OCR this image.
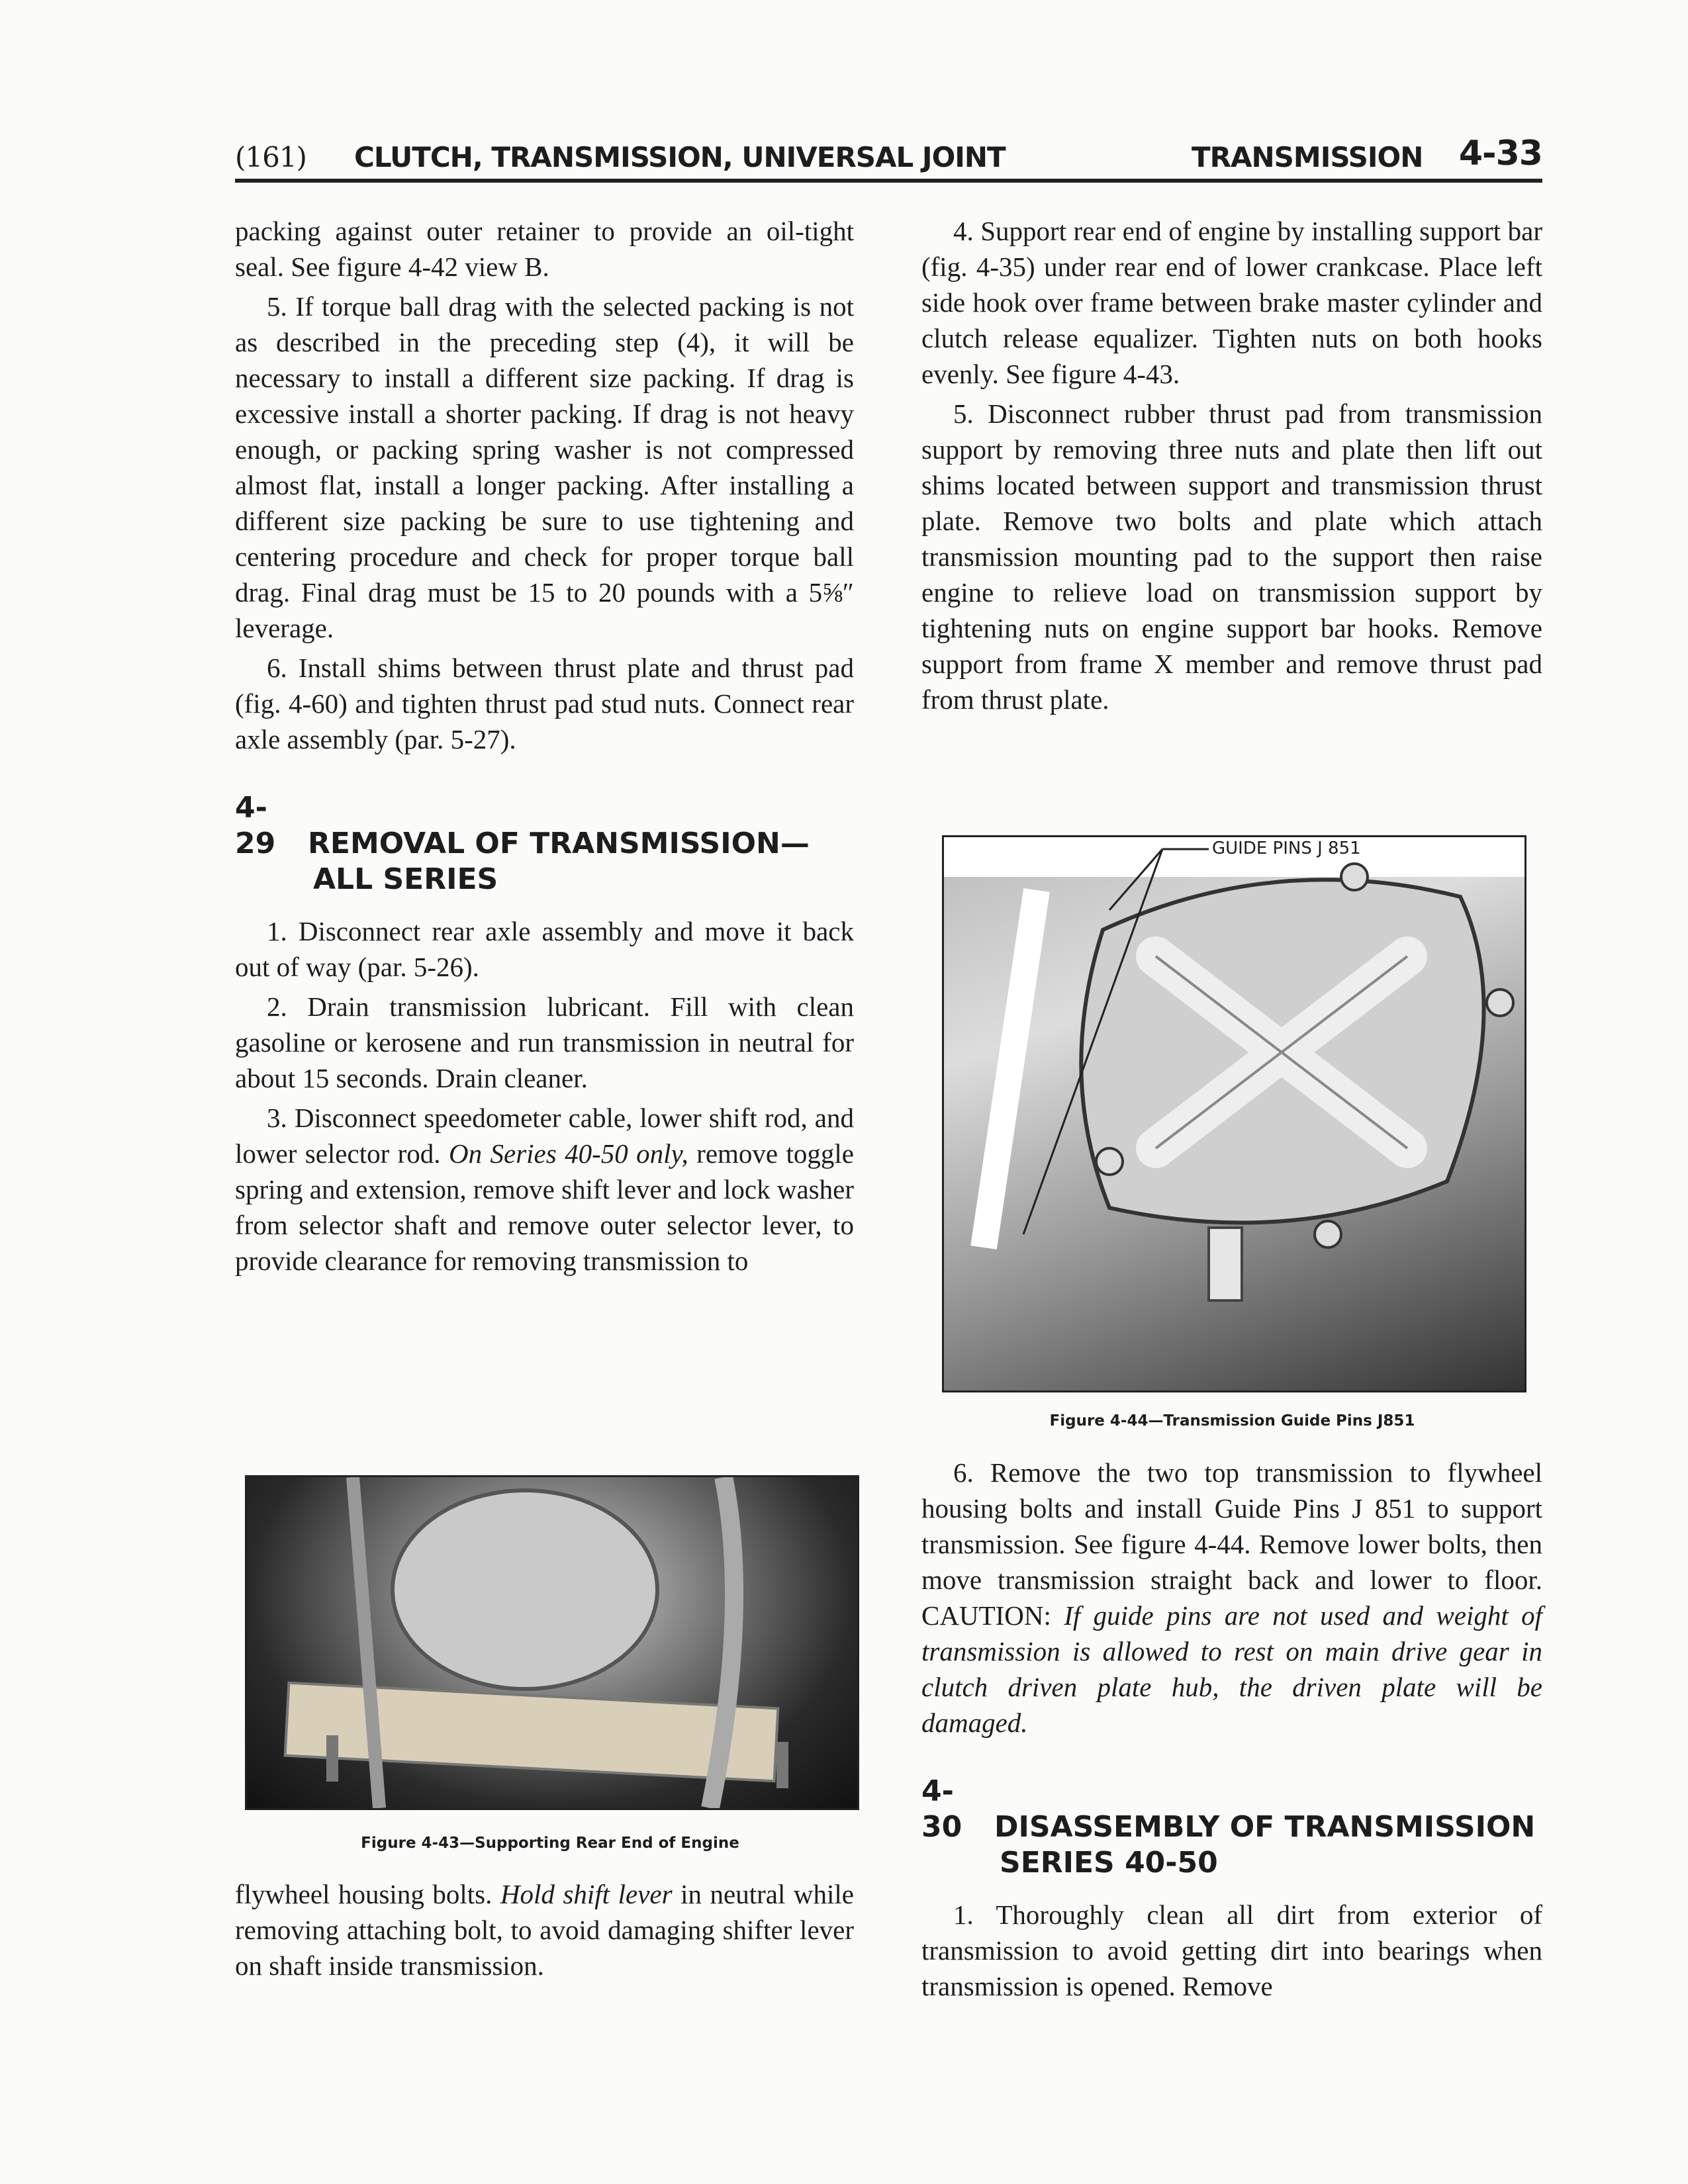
(161) CLUTCH, TRANSMISSION, UNIVERSAL JOINT	TRANSMISSION 4-33

packing against outer retainer to provide an oil-tight seal. See figure 4-42 view B.

5. If torque ball drag with the selected packing is not as described in the preceding step (4), it will be necessary to install a different size packing. If drag is excessive install a shorter packing. If drag is not heavy enough, or packing spring washer is not compressed almost flat, install a longer packing. After installing a different size packing be sure to use tightening and centering procedure and check for proper torque ball drag. Final drag must be 15 to 20 pounds with a 5⅝″ leverage.

6. Install shims between thrust plate and thrust pad (fig. 4-60) and tighten thrust pad stud nuts. Connect rear axle assembly (par. 5-27).

4-29 REMOVAL OF TRANSMISSION—
ALL SERIES

1. Disconnect rear axle assembly and move it back out of way (par. 5-26).

2. Drain transmission lubricant. Fill with clean gasoline or kerosene and run transmission in neutral for about 15 seconds. Drain cleaner.

3. Disconnect speedometer cable, lower shift rod, and lower selector rod. On Series 40-50 only, remove toggle spring and extension, remove shift lever and lock washer from selector shaft and remove outer selector lever, to provide clearance for removing transmission to

Figure 4-43—Supporting Rear End of Engine

flywheel housing bolts. Hold shift lever in neutral while removing attaching bolt, to avoid damaging shifter lever on shaft inside transmission.

4. Support rear end of engine by installing support bar (fig. 4-35) under rear end of lower crankcase. Place left side hook over frame between brake master cylinder and clutch release equalizer. Tighten nuts on both hooks evenly. See figure 4-43.

5. Disconnect rubber thrust pad from transmission support by removing three nuts and plate then lift out shims located between support and transmission thrust plate. Remove two bolts and plate which attach transmission mounting pad to the support then raise engine to relieve load on transmission support by tightening nuts on engine support bar hooks. Remove support from frame X member and remove thrust pad from thrust plate.

GUIDE PINS J 851
Figure 4-44—Transmission Guide Pins J851

6. Remove the two top transmission to flywheel housing bolts and install Guide Pins J 851 to support transmission. See figure 4-44. Remove lower bolts, then move transmission straight back and lower to floor. CAUTION: If guide pins are not used and weight of transmission is allowed to rest on main drive gear in clutch driven plate hub, the driven plate will be damaged.

4-30 DISASSEMBLY OF TRANSMISSION
SERIES 40-50

1. Thoroughly clean all dirt from exterior of transmission to avoid getting dirt into bearings when transmission is opened. Remove
